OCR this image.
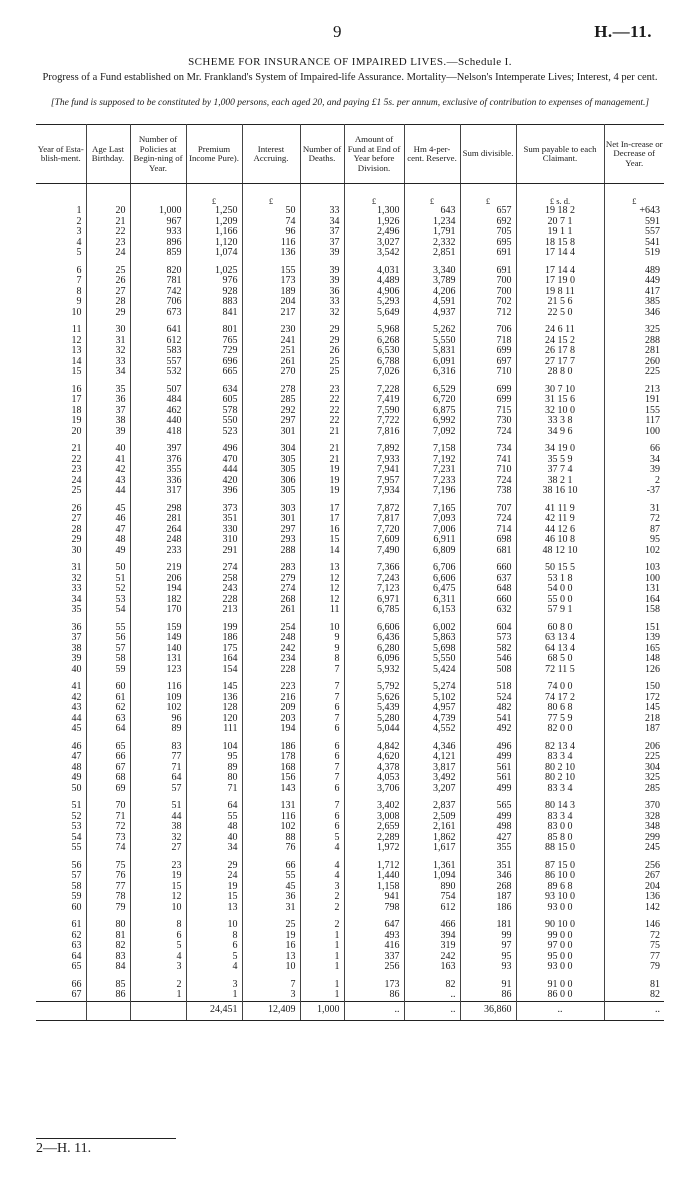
9	H.—11.
SCHEME FOR INSURANCE OF IMPAIRED LIVES.—Schedule I.
Progress of a Fund established on Mr. Frankland's System of Impaired-life Assurance. Mortality—Nelson's Intemperate Lives; Interest, 4 per cent.
[The fund is supposed to be constituted by 1,000 persons, each aged 20, and paying £1 5s. per annum, exclusive of contribution to expenses of management.]
Year of Esta-blish-ment.	Age Last Birthday.	Number of Policies at Begin-ning of Year.	Premium Income Pure).	Interest Accruing.	Number of Deaths.	Amount of Fund at End of Year before Division.	Hm 4-per-cent. Reserve.	Sum divisible.	Sum payable to each Claimant.	Net In-crease or Decrease of Year.
			£	£		£	£	£	£ s. d.	£
1	20	1,000	1,250	50	33	1,300	643	657	19 18 2	+643
2	21	967	1,209	74	34	1,926	1,234	692	20 7 1	591
3	22	933	1,166	96	37	2,496	1,791	705	19 1 1	557
4	23	896	1,120	116	37	3,027	2,332	695	18 15 8	541
5	24	859	1,074	136	39	3,542	2,851	691	17 14 4	519

6	25	820	1,025	155	39	4,031	3,340	691	17 14 4	489
7	26	781	976	173	39	4,489	3,789	700	17 19 0	449
8	27	742	928	189	36	4,906	4,206	700	19 8 11	417
9	28	706	883	204	33	5,293	4,591	702	21 5 6	385
10	29	673	841	217	32	5,649	4,937	712	22 5 0	346

11	30	641	801	230	29	5,968	5,262	706	24 6 11	325
12	31	612	765	241	29	6,268	5,550	718	24 15 2	288
13	32	583	729	251	26	6,530	5,831	699	26 17 8	281
14	33	557	696	261	25	6,788	6,091	697	27 17 7	260
15	34	532	665	270	25	7,026	6,316	710	28 8 0	225

16	35	507	634	278	23	7,228	6,529	699	30 7 10	213
17	36	484	605	285	22	7,419	6,720	699	31 15 6	191
18	37	462	578	292	22	7,590	6,875	715	32 10 0	155
19	38	440	550	297	22	7,722	6,992	730	33 3 8	117
20	39	418	523	301	21	7,816	7,092	724	34 9 6	100

21	40	397	496	304	21	7,892	7,158	734	34 19 0	66
22	41	376	470	305	21	7,933	7,192	741	35 5 9	34
23	42	355	444	305	19	7,941	7,231	710	37 7 4	39
24	43	336	420	306	19	7,957	7,233	724	38 2 1	2
25	44	317	396	305	19	7,934	7,196	738	38 16 10	-37

26	45	298	373	303	17	7,872	7,165	707	41 11 9	31
27	46	281	351	301	17	7,817	7,093	724	42 11 9	72
28	47	264	330	297	16	7,720	7,006	714	44 12 6	87
29	48	248	310	293	15	7,609	6,911	698	46 10 8	95
30	49	233	291	288	14	7,490	6,809	681	48 12 10	102

31	50	219	274	283	13	7,366	6,706	660	50 15 5	103
32	51	206	258	279	12	7,243	6,606	637	53 1 8	100
33	52	194	243	274	12	7,123	6,475	648	54 0 0	131
34	53	182	228	268	12	6,971	6,311	660	55 0 0	164
35	54	170	213	261	11	6,785	6,153	632	57 9 1	158

36	55	159	199	254	10	6,606	6,002	604	60 8 0	151
37	56	149	186	248	9	6,436	5,863	573	63 13 4	139
38	57	140	175	242	9	6,280	5,698	582	64 13 4	165
39	58	131	164	234	8	6,096	5,550	546	68 5 0	148
40	59	123	154	228	7	5,932	5,424	508	72 11 5	126

41	60	116	145	223	7	5,792	5,274	518	74 0 0	150
42	61	109	136	216	7	5,626	5,102	524	74 17 2	172
43	62	102	128	209	6	5,439	4,957	482	80 6 8	145
44	63	96	120	203	7	5,280	4,739	541	77 5 9	218
45	64	89	111	194	6	5,044	4,552	492	82 0 0	187

46	65	83	104	186	6	4,842	4,346	496	82 13 4	206
47	66	77	95	178	6	4,620	4,121	499	83 3 4	225
48	67	71	89	168	7	4,378	3,817	561	80 2 10	304
49	68	64	80	156	7	4,053	3,492	561	80 2 10	325
50	69	57	71	143	6	3,706	3,207	499	83 3 4	285

51	70	51	64	131	7	3,402	2,837	565	80 14 3	370
52	71	44	55	116	6	3,008	2,509	499	83 3 4	328
53	72	38	48	102	6	2,659	2,161	498	83 0 0	348
54	73	32	40	88	5	2,289	1,862	427	85 8 0	299
55	74	27	34	76	4	1,972	1,617	355	88 15 0	245

56	75	23	29	66	4	1,712	1,361	351	87 15 0	256
57	76	19	24	55	4	1,440	1,094	346	86 10 0	267
58	77	15	19	45	3	1,158	890	268	89 6 8	204
59	78	12	15	36	2	941	754	187	93 10 0	136
60	79	10	13	31	2	798	612	186	93 0 0	142

61	80	8	10	25	2	647	466	181	90 10 0	146
62	81	6	8	19	1	493	394	99	99 0 0	72
63	82	5	6	16	1	416	319	97	97 0 0	75
64	83	4	5	13	1	337	242	95	95 0 0	77
65	84	3	4	10	1	256	163	93	93 0 0	79

66	85	2	3	7	1	173	82	91	91 0 0	81
67	86	1	1	3	1	86	..	86	86 0 0	82
			24,451	12,409	1,000	..	..	36,860	..	..
2—H. 11.
